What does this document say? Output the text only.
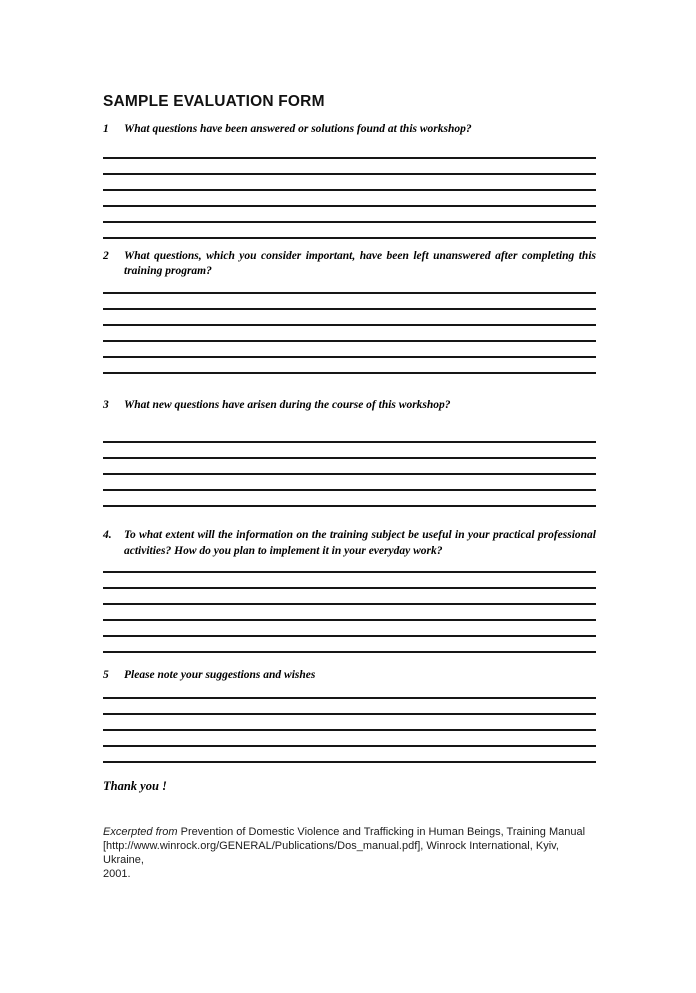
SAMPLE EVALUATION FORM
1	What questions have been answered or solutions found at this workshop?

2	What questions, which you consider important, have been left unanswered after completing this training program?

3	What new questions have arisen during the course of this workshop?

4.	To what extent will the information on the training subject be useful in your practical professional activities? How do you plan to implement it in your everyday work?

5	Please note your suggestions and wishes

Thank you !

Excerpted from Prevention of Domestic Violence and Trafficking in Human Beings, Training Manual
[http://www.winrock.org/GENERAL/Publications/Dos_manual.pdf], Winrock International, Kyiv, Ukraine,
2001.
